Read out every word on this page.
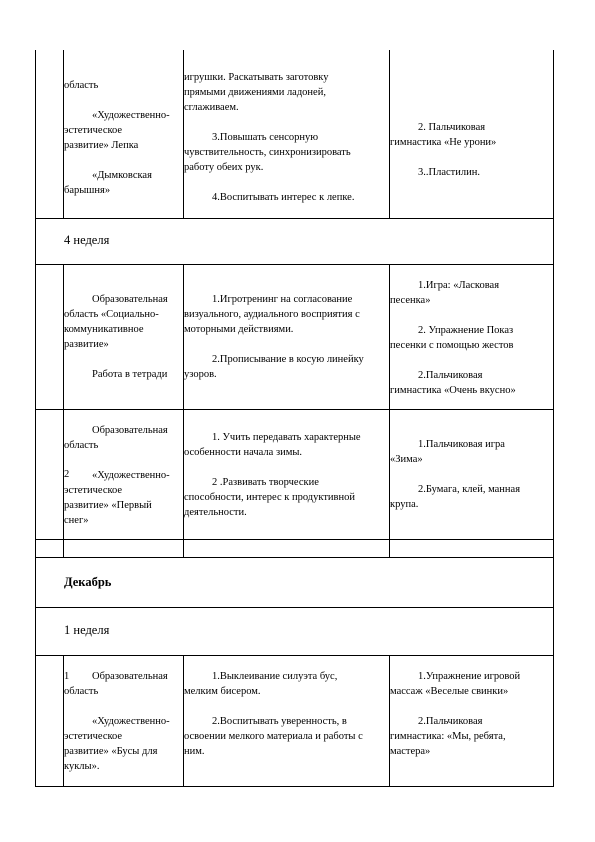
область

«Художественно-

эстетическое

развитие» Лепка

«Дымковская

барышня»

игрушки. Раскатывать заготовку

прямыми движениями ладоней,

сглаживаем.

3.Повышать сенсорную

чувствительность, синхронизировать

работу обеих рук.

4.Воспитывать интерес к лепке.

2. Пальчиковая

гимнастика «Не урони»

3..Пластилин.

4 неделя

Образовательная

область «Социально-

коммуникативное

развитие»

Работа в тетради

1.Игротренинг на согласование

визуального, аудиального восприятия с

моторными действиями.

2.Прописывание в косую линейку

узоров.

1.Игра: «Ласковая

песенка»

2. Упражнение Показ

песенки с помощью жестов

2.Пальчиковая

гимнастика «Очень вкусно»

2

Образовательная

область

«Художественно-

эстетическое

развитие» «Первый

снег»

1. Учить передавать характерные

особенности начала зимы.

2 .Развивать творческие

способности, интерес к продуктивной

деятельности.

1.Пальчиковая игра

«Зима»

2.Бумага, клей, манная

крупа.

Декабрь
1 неделя
1	Образовательная

область

«Художественно-

эстетическое

развитие» «Бусы для

куклы».

1.Выклеивание силуэта бус,

мелким бисером.

2.Воспитывать уверенность, в

освоении мелкого материала и работы с

ним.

1.Упражнение игровой

массаж «Веселые свинки»

2.Пальчиковая

гимнастика: «Мы, ребята,

мастера»
